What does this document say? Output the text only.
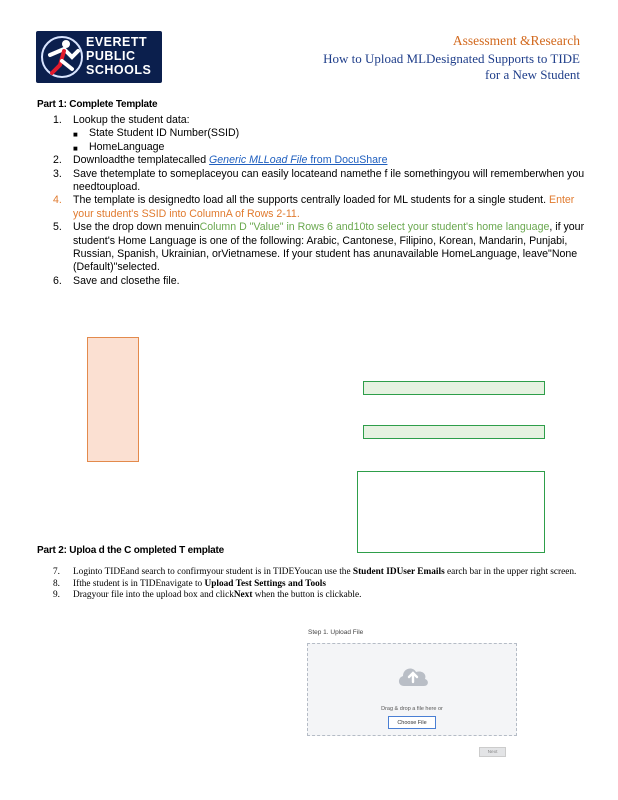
EVERETT
PUBLIC
SCHOOLS
Assessment &Research
How to Upload MLDesignated Supports to TIDE
for a New Student
Part 1: Complete Template
1. Lookup the student data:
■ State Student ID Number(SSID)
■ HomeLanguage
2. Downloadthe templatecalled Generic MLLoad File from DocuShare
3. Save thetemplate to someplaceyou can easily locateand namethe f ile somethingyou will rememberwhen you needtoupload.
4. The template is designedto load all the supports centrally loaded for ML students for a single student. Enter your student's SSID into ColumnA of Rows 2-11.
5. Use the drop down menuinColumn D "Value" in Rows 6 and10to select your student's home language, if your student's Home Language is one of the following: Arabic, Cantonese, Filipino, Korean, Mandarin, Punjabi, Russian, Spanish, Ukrainian, orVietnamese. If your student has anunavailable HomeLanguage, leave"None (Default)"selected.
6. Save and closethe file.
Part 2: Uploa d the C ompleted T emplate
7. Loginto TIDEand search to confirmyour student is in TIDEYoucan use the Student IDUser Emails earch bar in the upper right screen.
8. Ifthe student is in TIDEnavigate to Upload Test Settings and Tools
9. Dragyour file into the upload box and clickNext when the button is clickable.
Step 1. Upload File
Drag & drop a file here or
Choose File
Next
